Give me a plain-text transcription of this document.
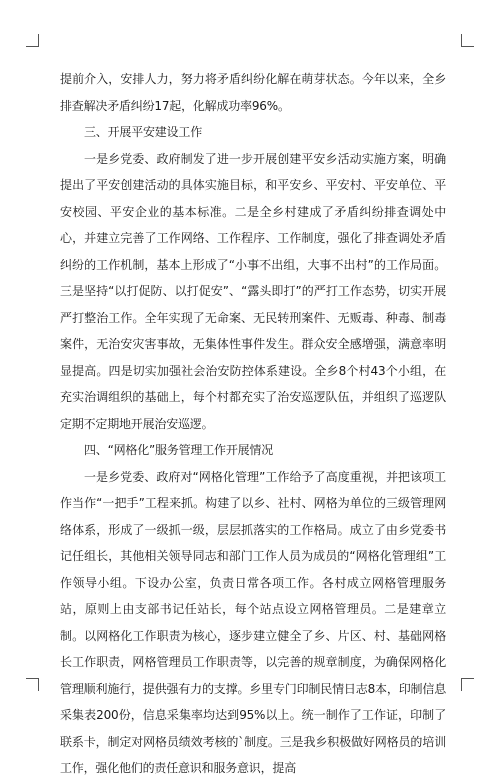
提前介入，安排人力，努力将矛盾纠纷化解在萌芽状态。今年以来，全乡排查解决矛盾纠纷17起，化解成功率96%。

三、开展平安建设工作

一是乡党委、政府制发了进一步开展创建平安乡活动实施方案，明确提出了平安创建活动的具体实施目标，和平安乡、平安村、平安单位、平安校园、平安企业的基本标准。二是全乡村建成了矛盾纠纷排查调处中心，并建立完善了工作网络、工作程序、工作制度，强化了排查调处矛盾纠纷的工作机制，基本上形成了“小事不出组，大事不出村”的工作局面。三是坚持“以打促防、以打促安”、“露头即打”的严打工作态势，切实开展严打整治工作。全年实现了无命案、无民转刑案件、无贩毒、种毒、制毒案件，无治安灾害事故，无集体性事件发生。群众安全感增强，满意率明显提高。四是切实加强社会治安防控体系建设。全乡8个村43个小组，在充实治调组织的基础上，每个村都充实了治安巡逻队伍，并组织了巡逻队定期不定期地开展治安巡逻。

四、“网格化”服务管理工作开展情况

一是乡党委、政府对“网格化管理”工作给予了高度重视，并把该项工作当作“一把手”工程来抓。构建了以乡、社村、网格为单位的三级管理网络体系，形成了一级抓一级，层层抓落实的工作格局。成立了由乡党委书记任组长，其他相关领导同志和部门工作人员为成员的“网格化管理组”工作领导小组。下设办公室，负责日常各项工作。各村成立网格管理服务站，原则上由支部书记任站长，每个站点设立网格管理员。二是建章立制。以网格化工作职责为核心，逐步建立健全了乡、片区、村、基础网格长工作职责，网格管理员工作职责等，以完善的规章制度，为确保网格化管理顺利施行，提供强有力的支撑。乡里专门印制民情日志8本，印制信息采集表200份，信息采集率均达到95%以上。统一制作了工作证，印制了联系卡，制定对网格员绩效考核的`制度。三是我乡积极做好网格员的培训工作，强化他们的责任意识和服务意识，提高
